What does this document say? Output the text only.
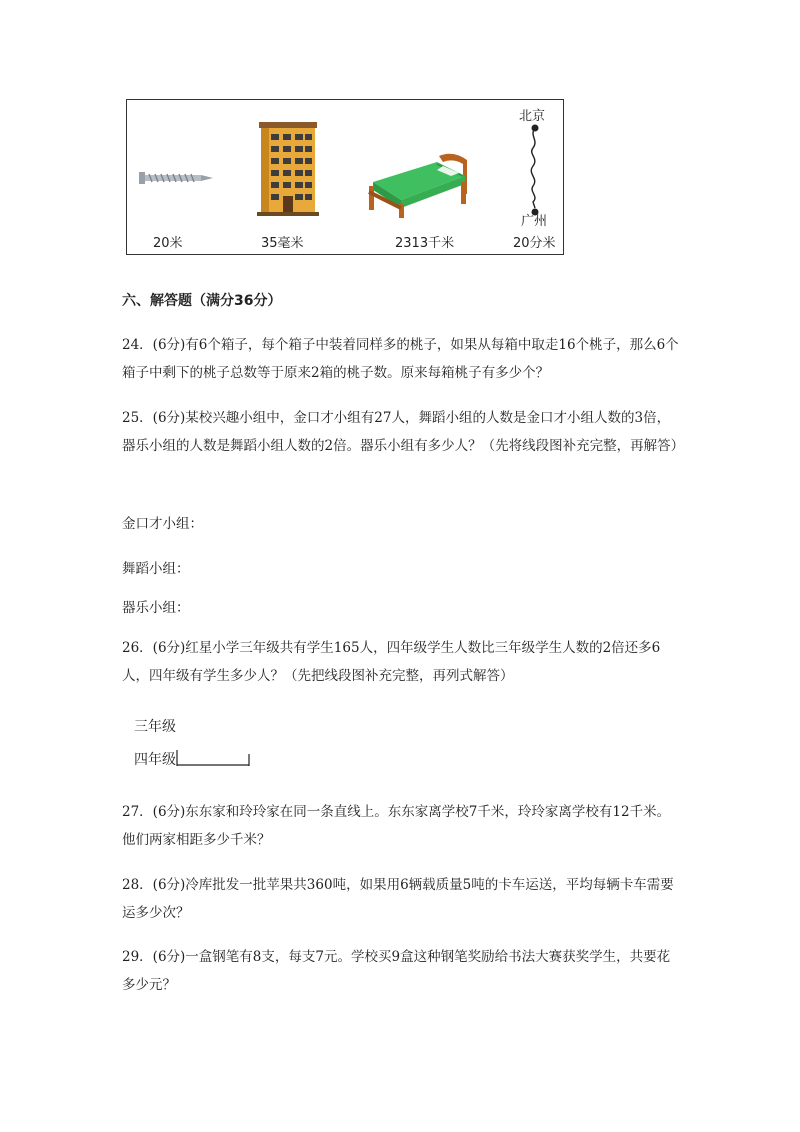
20米	35毫米	2313千米
北京
广州
20分米
六、解答题（满分36分）

24．(6分)有6个箱子，每个箱子中装着同样多的桃子，如果从每箱中取走16个桃子，那么6个箱子中剩下的桃子总数等于原来2箱的桃子数。原来每箱桃子有多少个？

25．(6分)某校兴趣小组中，金口才小组有27人，舞蹈小组的人数是金口才小组人数的3倍，器乐小组的人数是舞蹈小组人数的2倍。器乐小组有多少人？（先将线段图补充完整，再解答）

金口才小组：
舞蹈小组：
器乐小组：

26．(6分)红星小学三年级共有学生165人，四年级学生人数比三年级学生人数的2倍还多6人，四年级有学生多少人？（先把线段图补充完整，再列式解答）

三年级
四年级

27．(6分)东东家和玲玲家在同一条直线上。东东家离学校7千米，玲玲家离学校有12千米。他们两家相距多少千米？

28．(6分)冷库批发一批苹果共360吨，如果用6辆载质量5吨的卡车运送，平均每辆卡车需要运多少次？

29．(6分)一盒钢笔有8支，每支7元。学校买9盒这种钢笔奖励给书法大赛获奖学生，共要花多少元？
